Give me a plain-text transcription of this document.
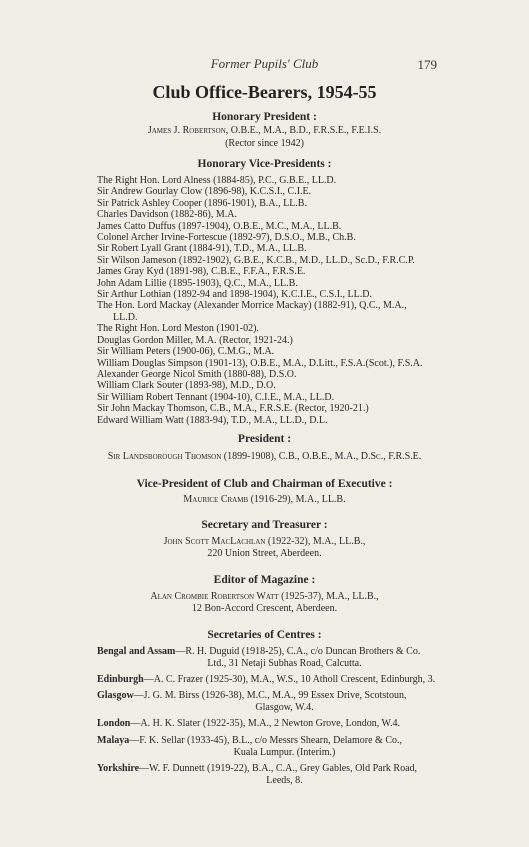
Former Pupils' Club	179
Club Office-Bearers, 1954-55
Honorary President :
James J. Robertson, O.B.E., M.A., B.D., F.R.S.E., F.E.I.S.
(Rector since 1942)
Honorary Vice-Presidents :
The Right Hon. Lord Alness (1884-85), P.C., G.B.E., LL.D.
Sir Andrew Gourlay Clow (1896-98), K.C.S.I., C.I.E.
Sir Patrick Ashley Cooper (1896-1901), B.A., LL.B.
Charles Davidson (1882-86), M.A.
James Catto Duffus (1897-1904), O.B.E., M.C., M.A., LL.B.
Colonel Archer Irvine-Fortescue (1892-97), D.S.O., M.B., Ch.B.
Sir Robert Lyall Grant (1884-91), T.D., M.A., LL.B.
Sir Wilson Jameson (1892-1902), G.B.E., K.C.B., M.D., LL.D., Sc.D., F.R.C.P.
James Gray Kyd (1891-98), C.B.E., F.F.A., F.R.S.E.
John Adam Lillie (1895-1903), Q.C., M.A., LL.B.
Sir Arthur Lothian (1892-94 and 1898-1904), K.C.I.E., C.S.I., LL.D.
The Hon. Lord Mackay (Alexander Morrice Mackay) (1882-91), Q.C., M.A.,
LL.D.
The Right Hon. Lord Meston (1901-02).
Douglas Gordon Miller, M.A. (Rector, 1921-24.)
Sir William Peters (1900-06), C.M.G., M.A.
William Douglas Simpson (1901-13), O.B.E., M.A., D.Litt., F.S.A.(Scot.), F.S.A.
Alexander George Nicol Smith (1880-88), D.S.O.
William Clark Souter (1893-98), M.D., D.O.
Sir William Robert Tennant (1904-10), C.I.E., M.A., LL.D.
Sir John Mackay Thomson, C.B., M.A., F.R.S.E. (Rector, 1920-21.)
Edward William Watt (1883-94), T.D., M.A., LL.D., D.L.
President :
Sir Landsborough Thomson (1899-1908), C.B., O.B.E., M.A., D.Sc., F.R.S.E.
Vice-President of Club and Chairman of Executive :
Maurice Cramb (1916-29), M.A., LL.B.
Secretary and Treasurer :
John Scott MacLachlan (1922-32), M.A., LL.B.,
220 Union Street, Aberdeen.
Editor of Magazine :
Alan Crombie Robertson Watt (1925-37), M.A., LL.B.,
12 Bon-Accord Crescent, Aberdeen.
Secretaries of Centres :
Bengal and Assam—R. H. Duguid (1918-25), C.A., c/o Duncan Brothers & Co.
Ltd., 31 Netaji Subhas Road, Calcutta.
Edinburgh—A. C. Frazer (1925-30), M.A., W.S., 10 Atholl Crescent, Edinburgh, 3.
Glasgow—J. G. M. Birss (1926-38), M.C., M.A., 99 Essex Drive, Scotstoun,
Glasgow, W.4.
London—A. H. K. Slater (1922-35), M.A., 2 Newton Grove, London, W.4.
Malaya—F. K. Sellar (1933-45), B.L., c/o Messrs Shearn, Delamore & Co.,
Kuala Lumpur. (Interim.)
Yorkshire—W. F. Dunnett (1919-22), B.A., C.A., Grey Gables, Old Park Road,
Leeds, 8.
